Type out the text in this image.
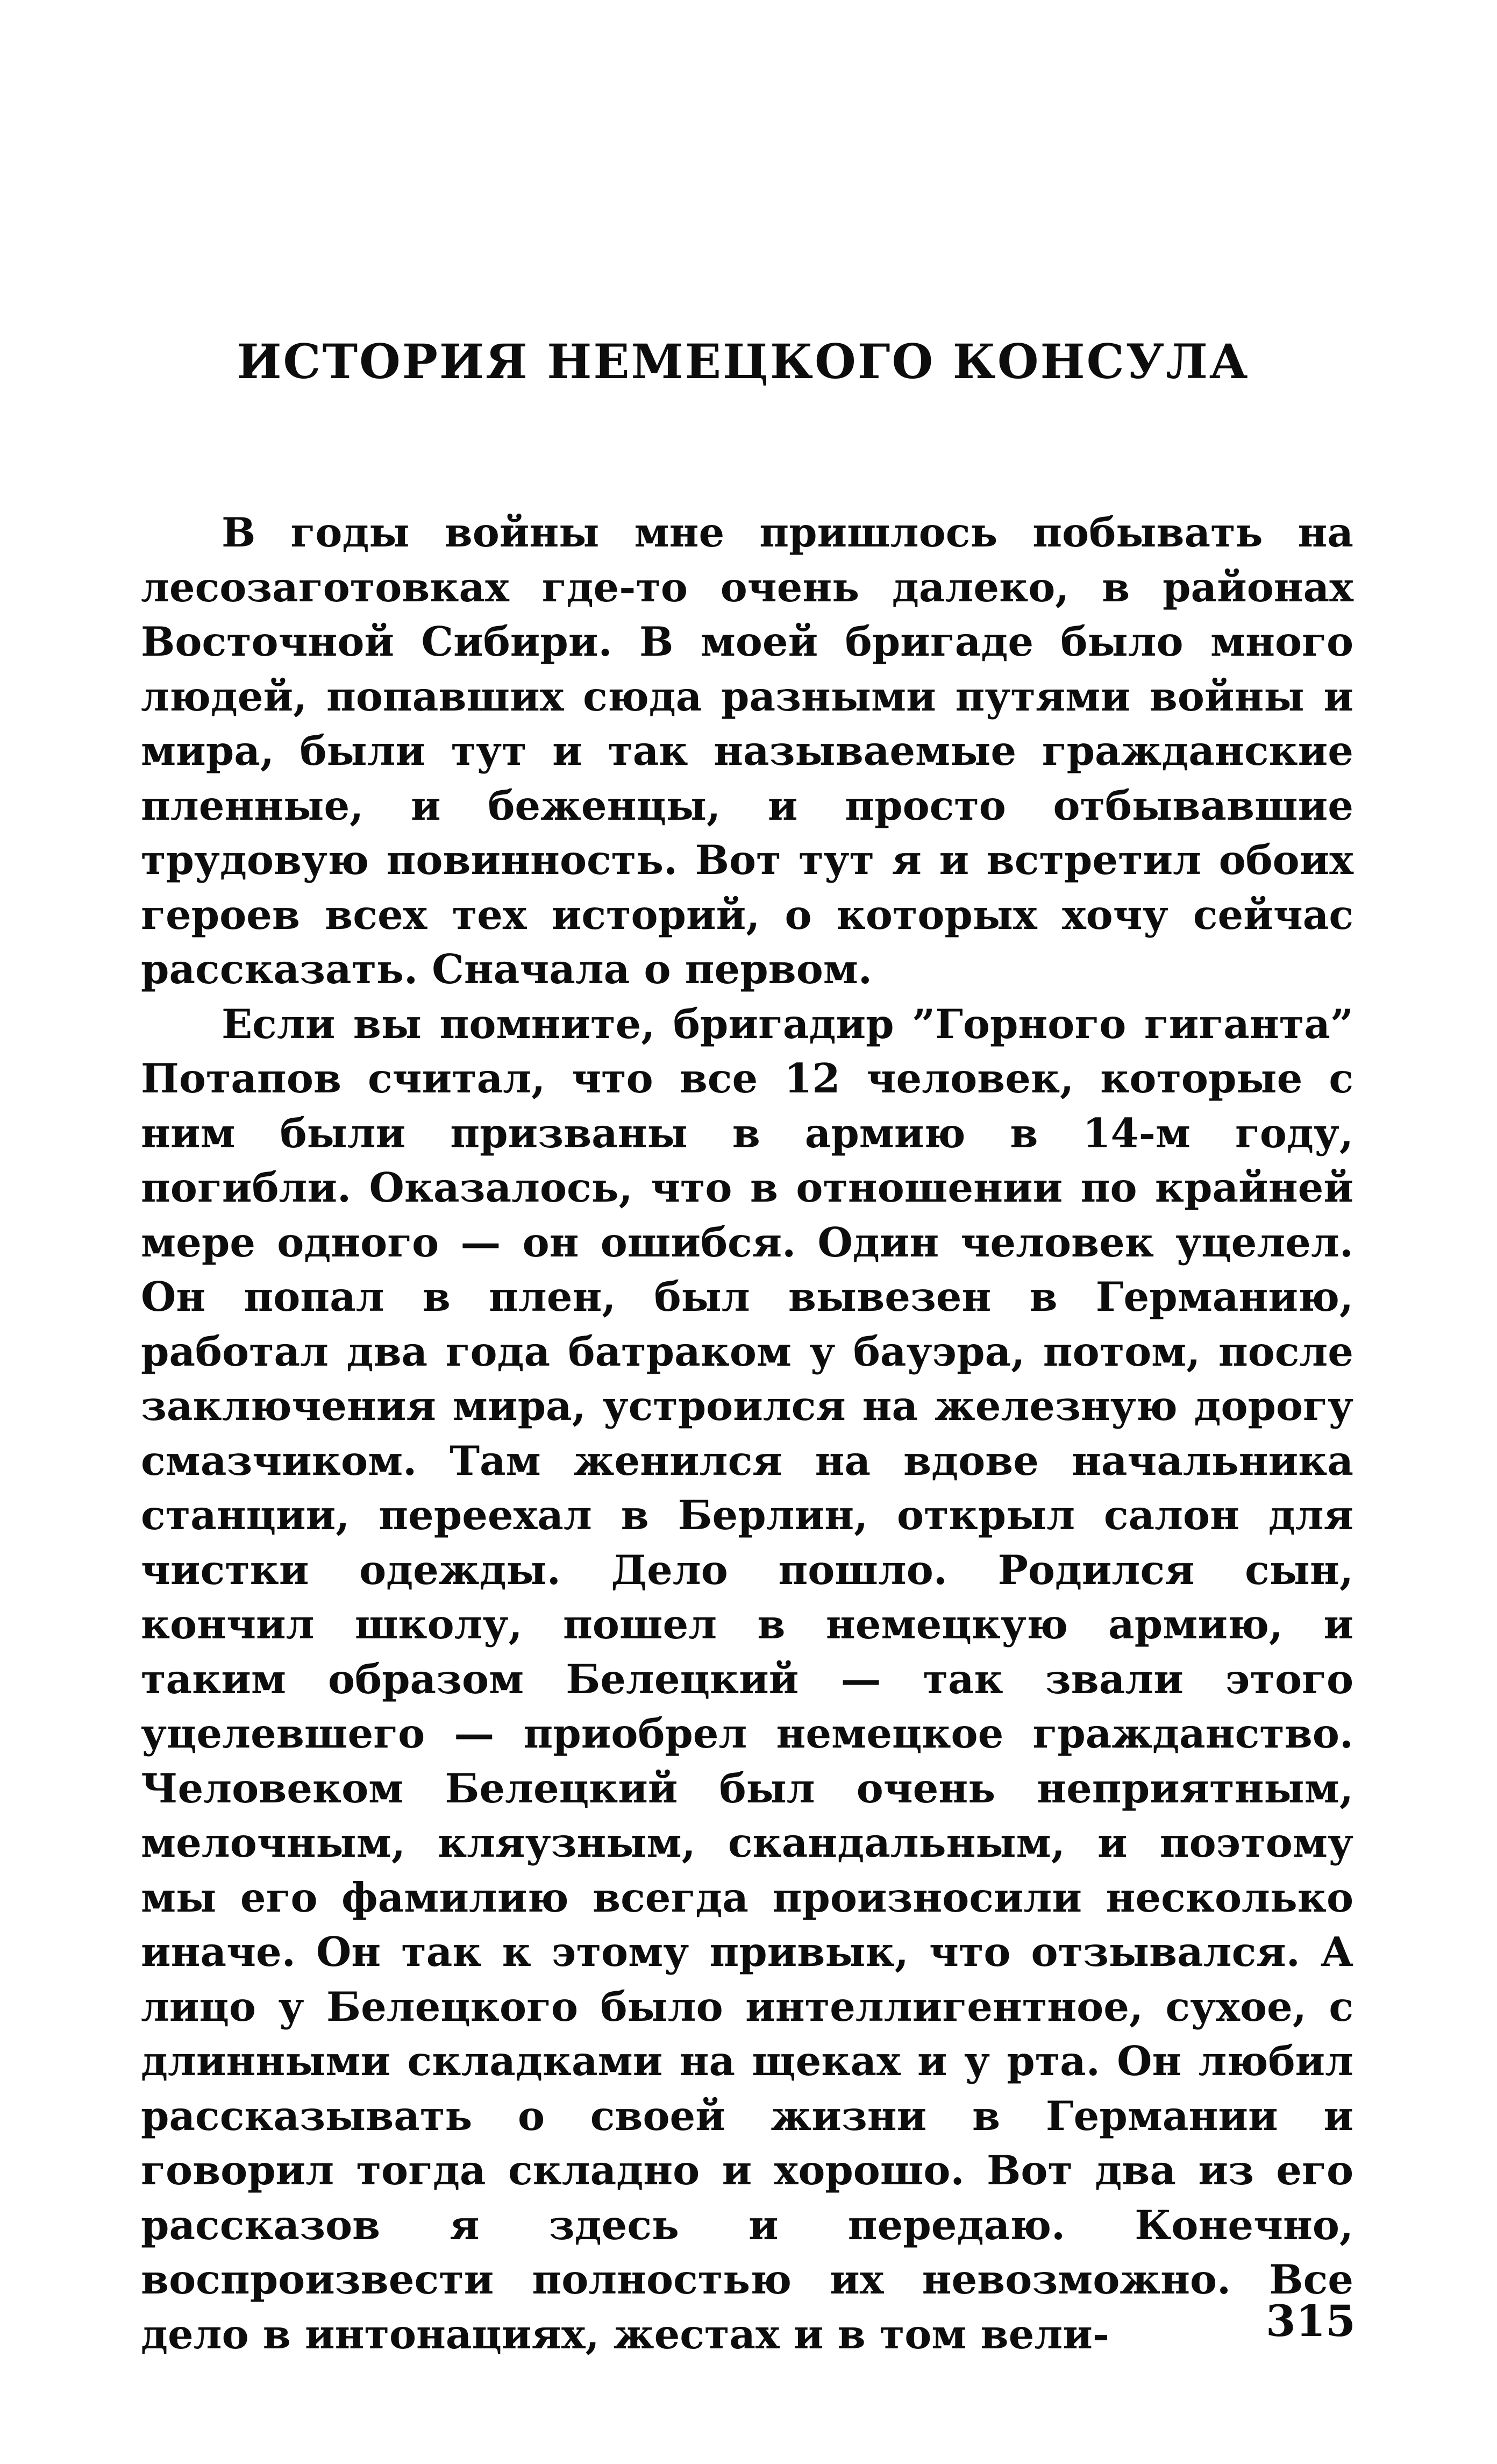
ИСТОРИЯ НЕМЕЦКОГО КОНСУЛА

В годы войны мне пришлось побывать на лесозаготовках где-то очень далеко, в районах Восточной Сибири. В моей бригаде было много людей, попавших сюда разными путями войны и мира, были тут и так называемые гражданские пленные, и беженцы, и просто отбывавшие трудовую повинность. Вот тут я и встретил обоих героев всех тех историй, о которых хочу сейчас рассказать. Сначала о первом.

Если вы помните, бригадир ”Горного гиганта” Потапов считал, что все 12 человек, которые с ним были призваны в армию в 14-м году, погибли. Оказалось, что в отношении по крайней мере одного — он ошибся. Один человек уцелел. Он попал в плен, был вывезен в Германию, работал два года батраком у бауэра, потом, после заключения мира, устроился на железную дорогу смазчиком. Там женился на вдове начальника станции, переехал в Берлин, открыл салон для чистки одежды. Дело пошло. Родился сын, кончил школу, пошел в немецкую армию, и таким образом Белецкий — так звали этого уцелевшего — приобрел немецкое гражданство. Человеком Белецкий был очень неприятным, мелочным, кляузным, скандальным, и поэтому мы его фамилию всегда произносили несколько иначе. Он так к этому привык, что отзывался. А лицо у Белецкого было интеллигентное, сухое, с длинными складками на щеках и у рта. Он любил рассказывать о своей жизни в Германии и говорил тогда складно и хорошо. Вот два из его рассказов я здесь и передаю. Конечно, воспроизвести полностью их невозможно. Все дело в интонациях, жестах и в том вели-	315
